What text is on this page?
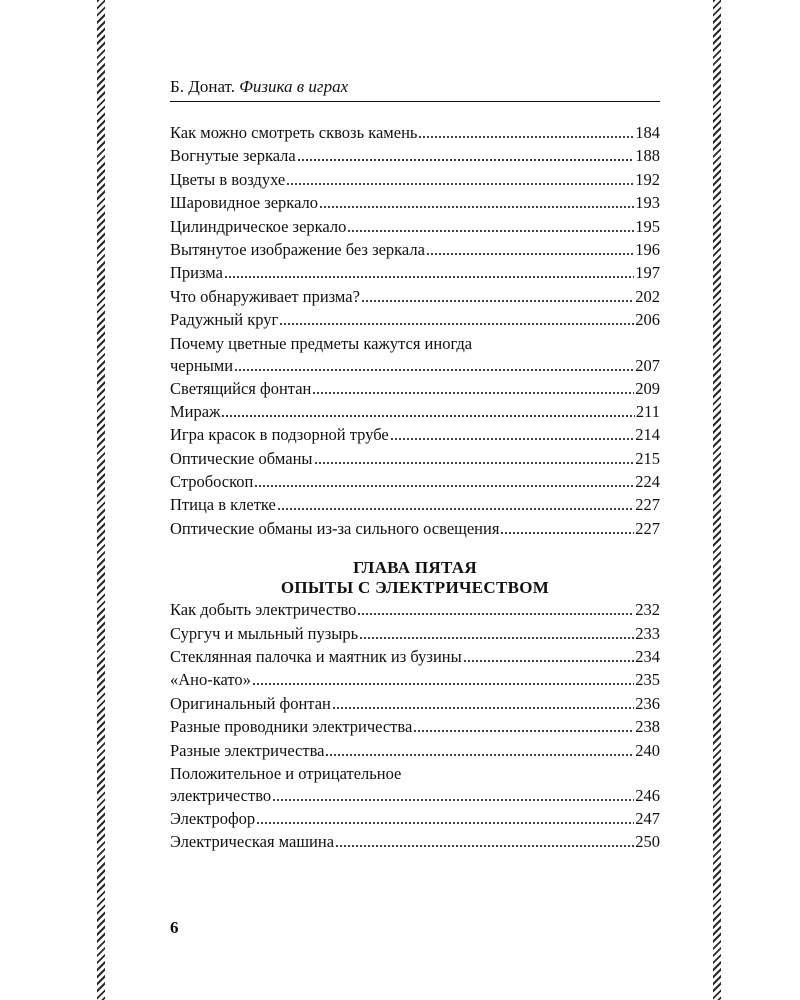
Б. Донат. Физика в играх
Как можно смотреть сквозь камень	184
Вогнутые зеркала	188
Цветы в воздухе	192
Шаровидное зеркало	193
Цилиндрическое зеркало	195
Вытянутое изображение без зеркала	196
Призма	197
Что обнаруживает призма?	202
Радужный круг	206
Почему цветные предметы кажутся иногда
черными	207
Светящийся фонтан	209
Мираж	211
Игра красок в подзорной трубе	214
Оптические обманы	215
Стробоскоп	224
Птица в клетке	227
Оптические обманы из-за сильного освещения	227
ГЛАВА ПЯТАЯ
ОПЫТЫ С ЭЛЕКТРИЧЕСТВОМ
Как добыть электричество	232
Сургуч и мыльный пузырь	233
Стеклянная палочка и маятник из бузины	234
«Ано-като»	235
Оригинальный фонтан	236
Разные проводники электричества	238
Разные электричества	240
Положительное и отрицательное
электричество	246
Электрофор	247
Электрическая машина	250
6
